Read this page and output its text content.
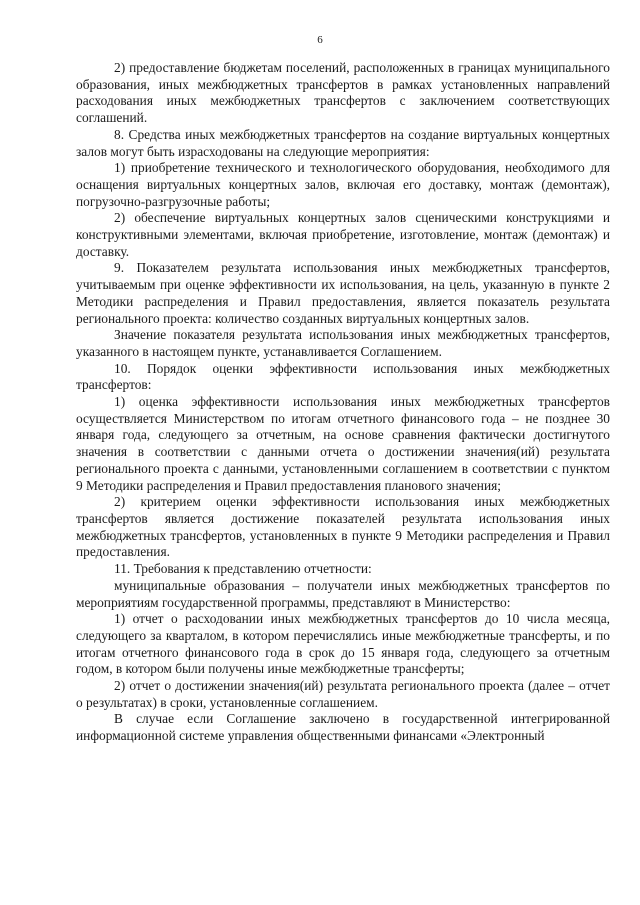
6

2) предоставление бюджетам поселений, расположенных в границах муниципального образования, иных межбюджетных трансфертов в рамках установленных направлений расходования иных межбюджетных трансфертов с заключением соответствующих соглашений.

8. Средства иных межбюджетных трансфертов на создание виртуальных концертных залов могут быть израсходованы на следующие мероприятия:

1) приобретение технического и технологического оборудования, необходимого для оснащения виртуальных концертных залов, включая его доставку, монтаж (демонтаж), погрузочно-разгрузочные работы;

2) обеспечение виртуальных концертных залов сценическими конструкциями и конструктивными элементами, включая приобретение, изготовление, монтаж (демонтаж) и доставку.

9. Показателем результата использования иных межбюджетных трансфертов, учитываемым при оценке эффективности их использования, на цель, указанную в пункте 2 Методики распределения и Правил предоставления, является показатель результата регионального проекта: количество созданных виртуальных концертных залов.

Значение показателя результата использования иных межбюджетных трансфертов, указанного в настоящем пункте, устанавливается Соглашением.

10. Порядок оценки эффективности использования иных межбюджетных трансфертов:

1) оценка эффективности использования иных межбюджетных трансфертов осуществляется Министерством по итогам отчетного финансового года – не позднее 30 января года, следующего за отчетным, на основе сравнения фактически достигнутого значения в соответствии с данными отчета о достижении значения(ий) результата регионального проекта с данными, установленными соглашением в соответствии с пунктом 9 Методики распределения и Правил предоставления планового значения;

2) критерием оценки эффективности использования иных межбюджетных трансфертов является достижение показателей результата использования иных межбюджетных трансфертов, установленных в пункте 9 Методики распределения и Правил предоставления.

11. Требования к представлению отчетности:

муниципальные образования – получатели иных межбюджетных трансфертов по мероприятиям государственной программы, представляют в Министерство:

1) отчет о расходовании иных межбюджетных трансфертов до 10 числа месяца, следующего за кварталом, в котором перечислялись иные межбюджетные трансферты, и по итогам отчетного финансового года в срок до 15 января года, следующего за отчетным годом, в котором были получены иные межбюджетные трансферты;

2) отчет о достижении значения(ий) результата регионального проекта (далее – отчет о результатах) в сроки, установленные соглашением.

В случае если Соглашение заключено в государственной интегрированной информационной системе управления общественными финансами «Электронный
